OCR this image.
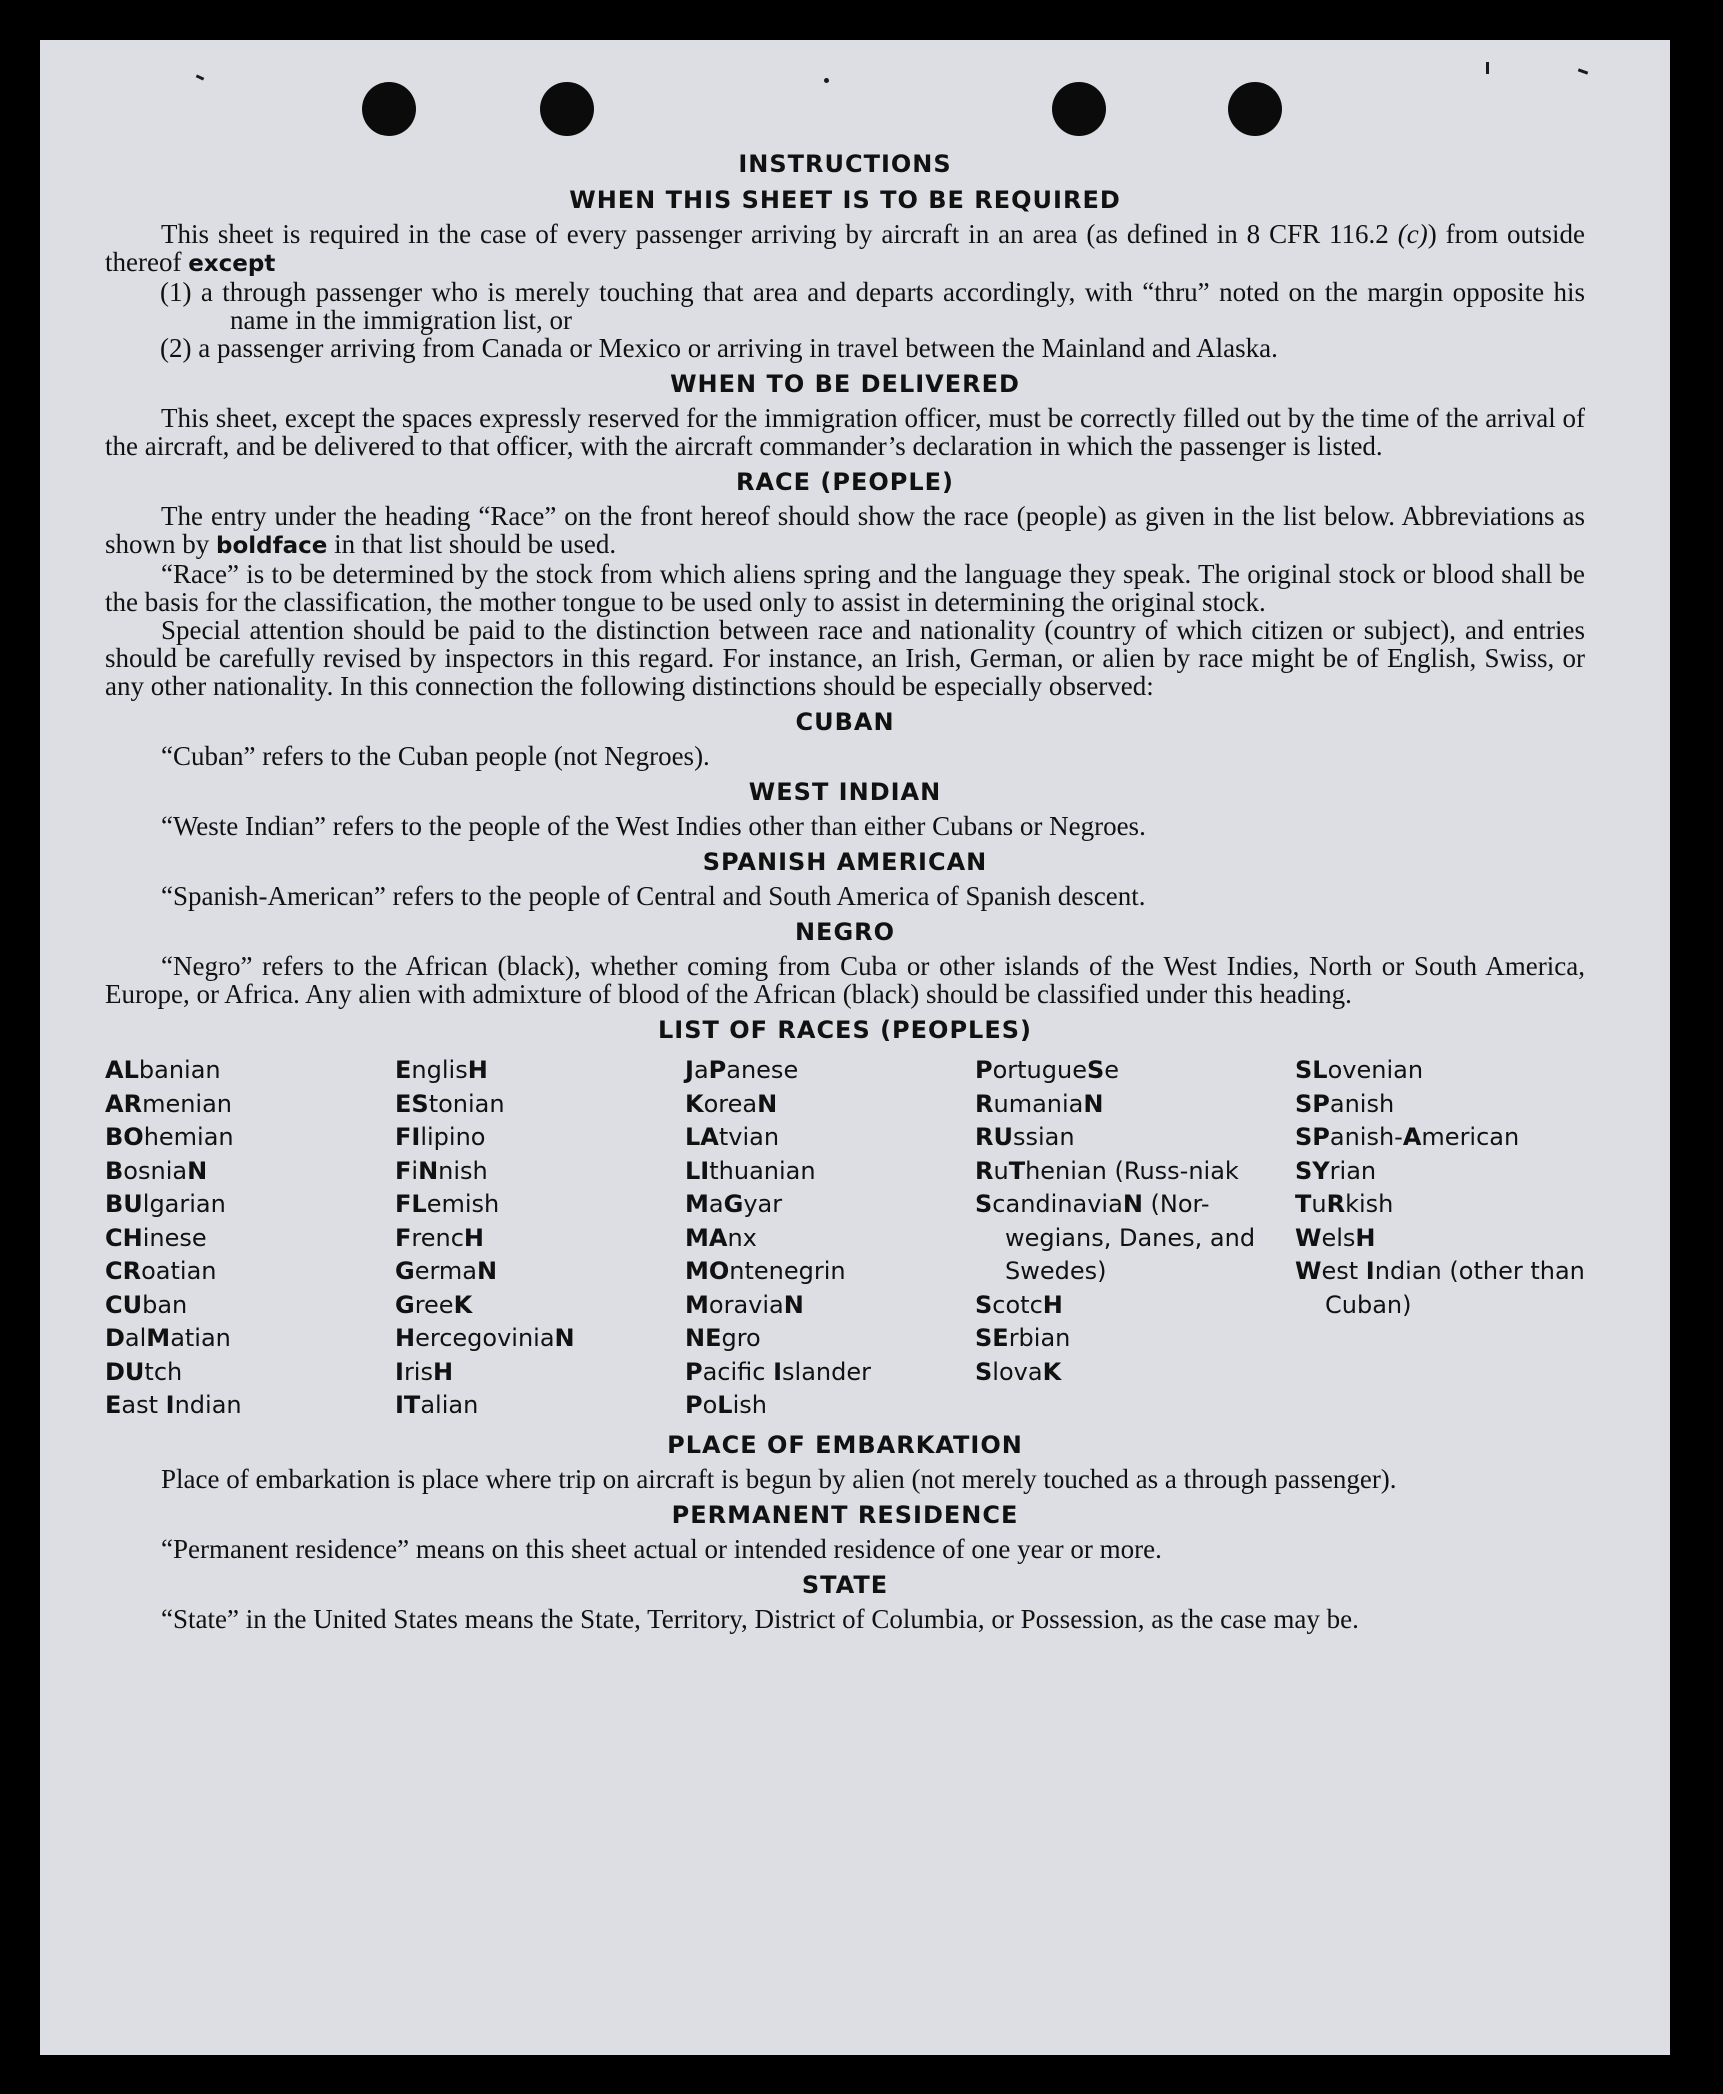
INSTRUCTIONS
WHEN THIS SHEET IS TO BE REQUIRED

This sheet is required in the case of every passenger arriving by aircraft in an area (as defined in 8 CFR 116.2 (c)) from outside thereof except

(1) a through passenger who is merely touching that area and departs accordingly, with “thru” noted on the margin opposite his name in the immigration list, or

(2) a passenger arriving from Canada or Mexico or arriving in travel between the Mainland and Alaska.

WHEN TO BE DELIVERED

This sheet, except the spaces expressly reserved for the immigration officer, must be correctly filled out by the time of the arrival of the aircraft, and be delivered to that officer, with the aircraft commander’s declaration in which the passenger is listed.

RACE (PEOPLE)

The entry under the heading “Race” on the front hereof should show the race (people) as given in the list below. Abbreviations as shown by boldface in that list should be used.

“Race” is to be determined by the stock from which aliens spring and the language they speak. The original stock or blood shall be the basis for the classification, the mother tongue to be used only to assist in determining the original stock.

Special attention should be paid to the distinction between race and nationality (country of which citizen or subject), and entries should be carefully revised by inspectors in this regard. For instance, an Irish, German, or alien by race might be of English, Swiss, or any other nationality. In this connection the following distinctions should be especially observed:

CUBAN

“Cuban” refers to the Cuban people (not Negroes).

WEST INDIAN

“Weste Indian” refers to the people of the West Indies other than either Cubans or Negroes.

SPANISH AMERICAN

“Spanish-American” refers to the people of Central and South America of Spanish descent.

NEGRO

“Negro” refers to the African (black), whether coming from Cuba or other islands of the West Indies, North or South America, Europe, or Africa. Any alien with admixture of blood of the African (black) should be classified under this heading.

LIST OF RACES (PEOPLES)
ALbanian
ARmenian
BOhemian
BosniaN
BUlgarian
CHinese
CRoatian
CUban
DalMatian
DUtch
East Indian
EnglisH
EStonian
FIlipino
FiNnish
FLemish
FrencH
GermaN
GreeK
HercegoviniaN
IrisH
ITalian
JaPanese
KoreaN
LAtvian
LIthuanian
MaGyar
MAnx
MOntenegrin
MoraviaN
NEgro
Pacific Islander
PoLish
PortugueSe
RumaniaN
RUssian
RuThenian (Russ-niak
ScandinaviaN (Nor-wegians, Danes, and Swedes)
ScotcH
SErbian
SlovaK
SLovenian
SPanish
SPanish-American
SYrian
TuRkish
WelsH
West Indian (other than Cuban)
PLACE OF EMBARKATION

Place of embarkation is place where trip on aircraft is begun by alien (not merely touched as a through passenger).

PERMANENT RESIDENCE

“Permanent residence” means on this sheet actual or intended residence of one year or more.

STATE

“State” in the United States means the State, Territory, District of Columbia, or Possession, as the case may be.
